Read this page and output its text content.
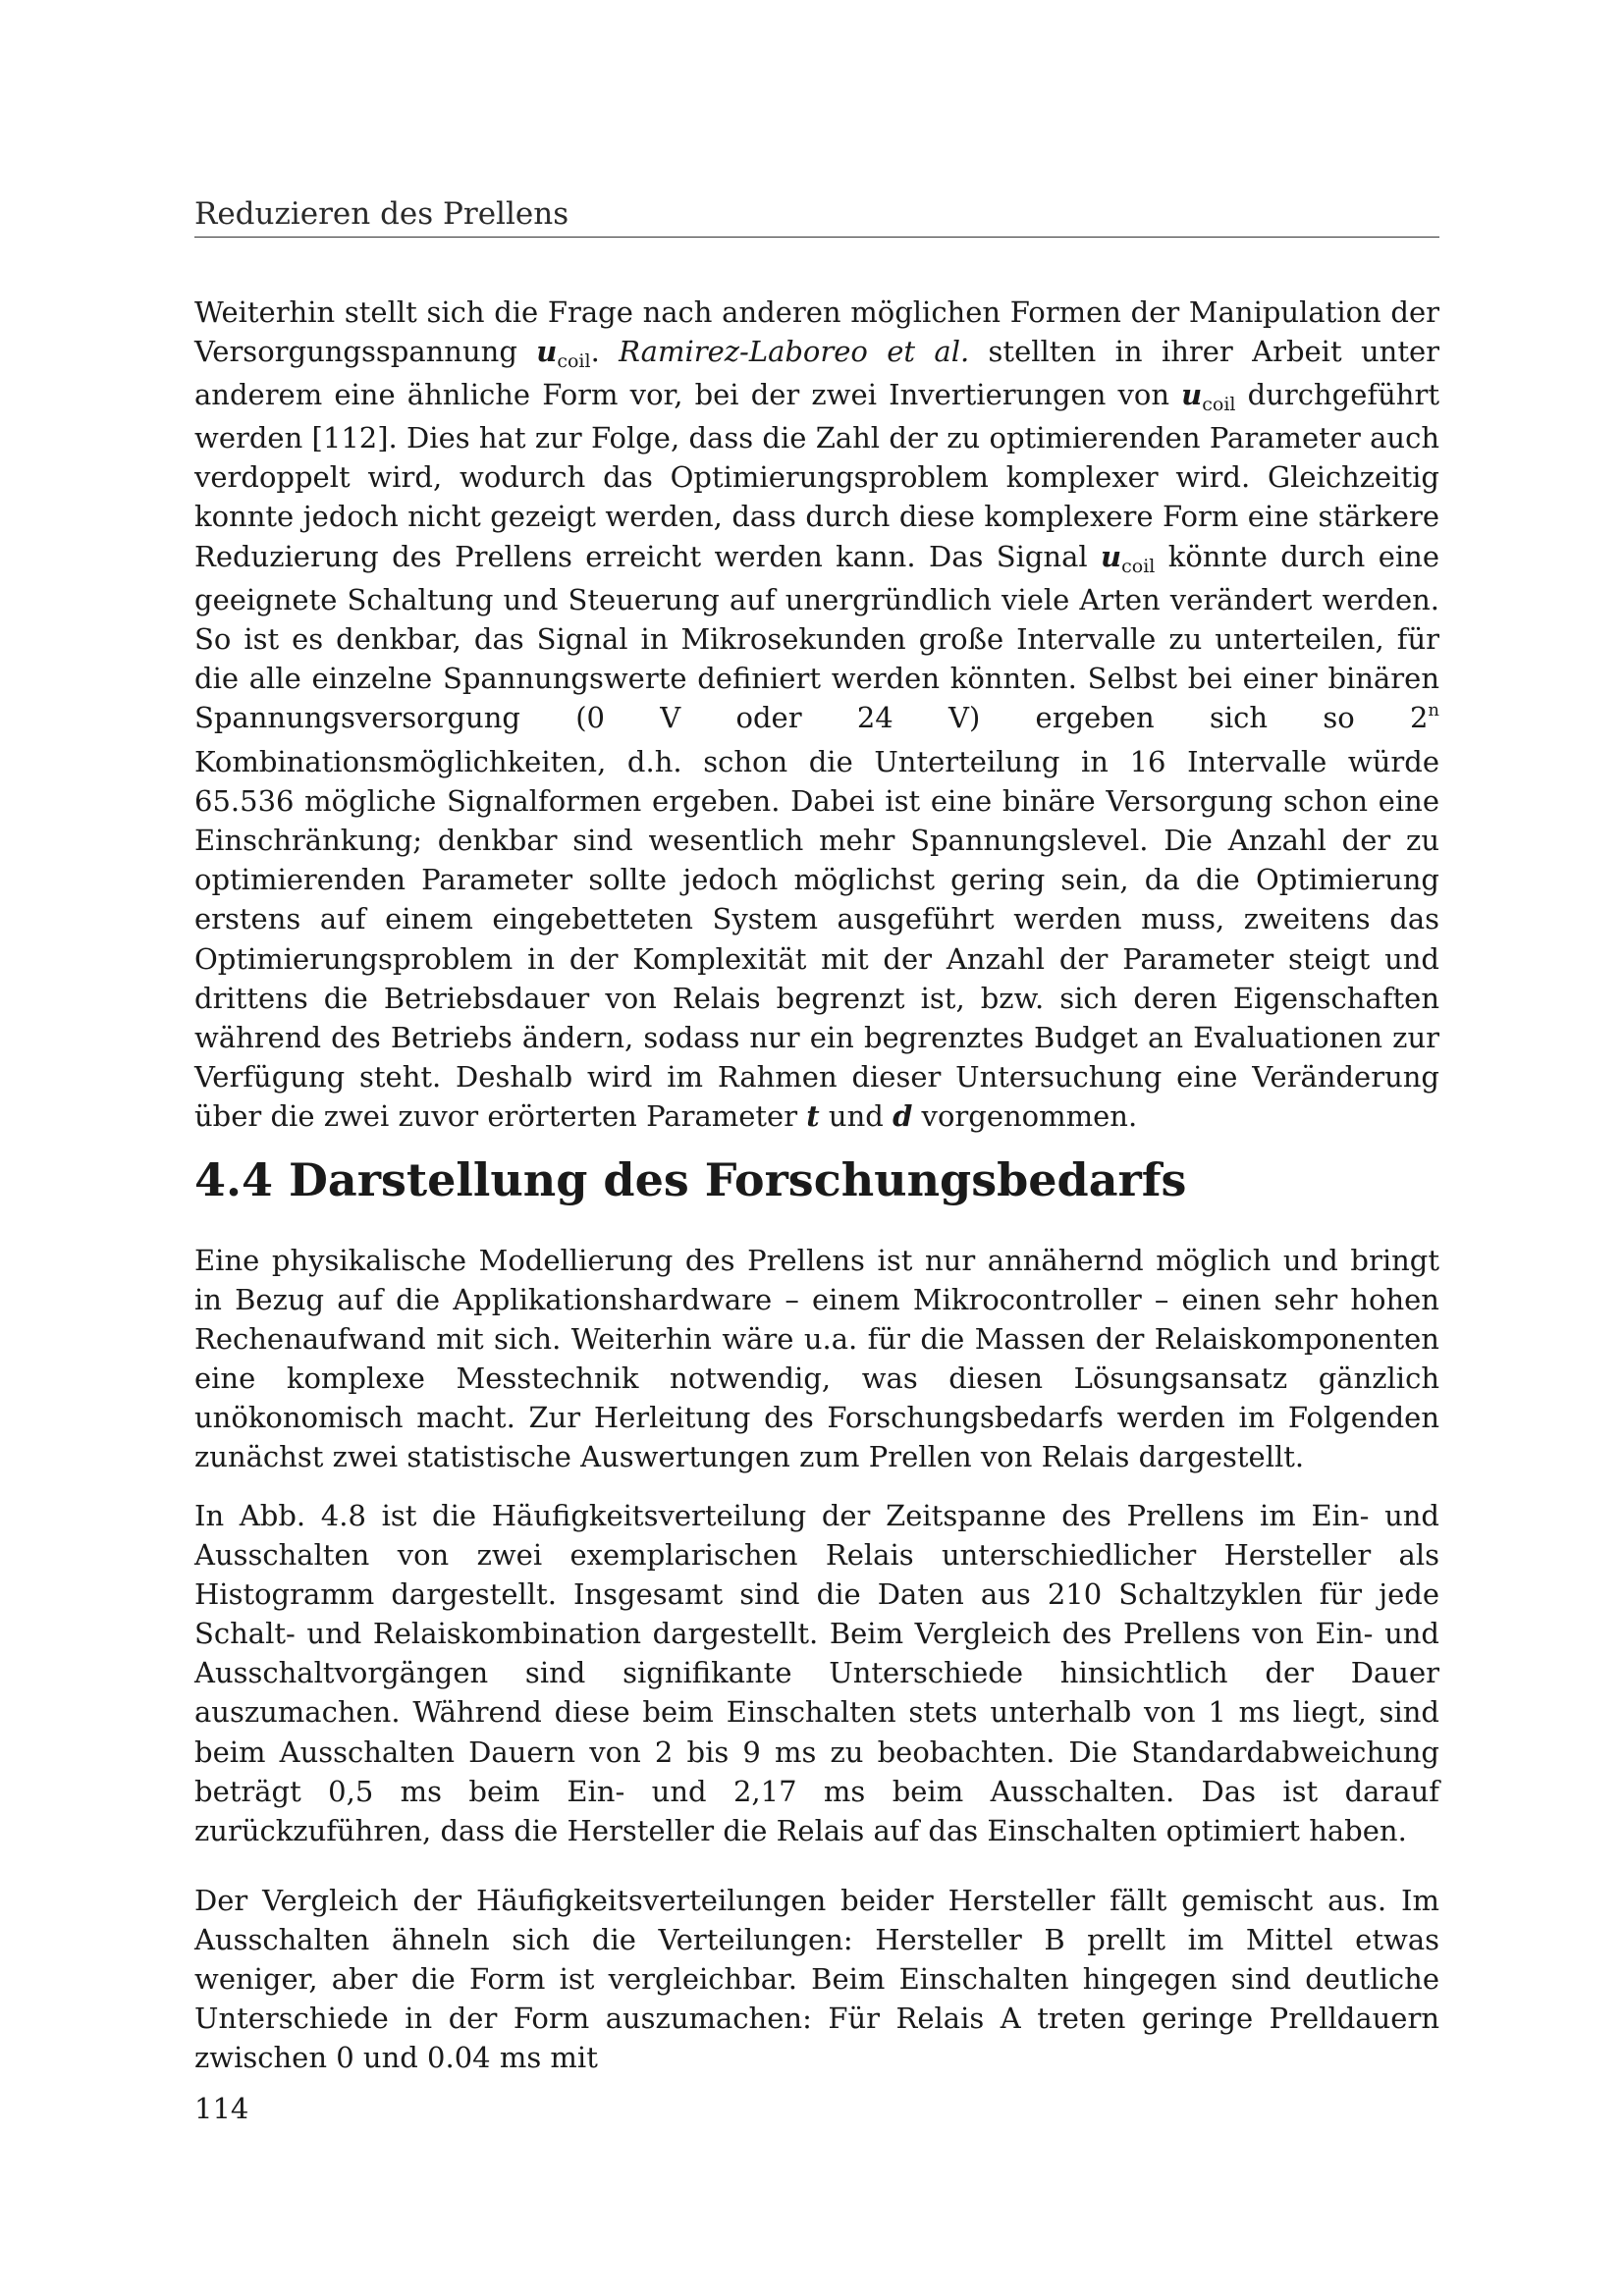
Reduzieren des Prellens

Weiterhin stellt sich die Frage nach anderen möglichen Formen der Manipulation der Versorgungsspannung $u_{coil}$. Ramirez-Laboreo et al. stellten in ihrer Arbeit unter anderem eine ähnliche Form vor, bei der zwei Invertierungen von $u_{coil}$ durchgeführt werden [112]. Dies hat zur Folge, dass die Zahl der zu optimierenden Parameter auch verdoppelt wird, wodurch das Optimierungsproblem komplexer wird. Gleichzeitig konnte jedoch nicht gezeigt werden, dass durch diese komplexere Form eine stärkere Reduzierung des Prellens erreicht werden kann. Das Signal $u_{coil}$ könnte durch eine geeignete Schaltung und Steuerung auf unergründlich viele Arten verändert werden. So ist es denkbar, das Signal in Mikrosekunden große Intervalle zu unterteilen, für die alle einzelne Spannungswerte definiert werden könnten. Selbst bei einer binären Spannungsversorgung (0 V oder 24 V) ergeben sich so 2$^n$ Kombinationsmöglichkeiten, d.h. schon die Unterteilung in 16 Intervalle würde 65.536 mögliche Signalformen ergeben. Dabei ist eine binäre Versorgung schon eine Einschränkung; denkbar sind wesentlich mehr Spannungslevel. Die Anzahl der zu optimierenden Parameter sollte jedoch möglichst gering sein, da die Optimierung erstens auf einem eingebetteten System ausgeführt werden muss, zweitens das Optimierungsproblem in der Komplexität mit der Anzahl der Parameter steigt und drittens die Betriebsdauer von Relais begrenzt ist, bzw. sich deren Eigenschaften während des Betriebs ändern, sodass nur ein begrenztes Budget an Evaluationen zur Verfügung steht. Deshalb wird im Rahmen dieser Untersuchung eine Veränderung über die zwei zuvor erörterten Parameter t und d vorgenommen.

4.4 Darstellung des Forschungsbedarfs

Eine physikalische Modellierung des Prellens ist nur annähernd möglich und bringt in Bezug auf die Applikationshardware – einem Mikrocontroller – einen sehr hohen Rechenaufwand mit sich. Weiterhin wäre u.a. für die Massen der Relaiskomponenten eine komplexe Messtechnik notwendig, was diesen Lösungsansatz gänzlich unökonomisch macht. Zur Herleitung des Forschungsbedarfs werden im Folgenden zunächst zwei statistische Auswertungen zum Prellen von Relais dargestellt.

In Abb. 4.8 ist die Häufigkeitsverteilung der Zeitspanne des Prellens im Ein- und Ausschalten von zwei exemplarischen Relais unterschiedlicher Hersteller als Histogramm dargestellt. Insgesamt sind die Daten aus 210 Schaltzyklen für jede Schalt- und Relaiskombination dargestellt. Beim Vergleich des Prellens von Ein- und Ausschaltvorgängen sind signifikante Unterschiede hinsichtlich der Dauer auszumachen. Während diese beim Einschalten stets unterhalb von 1 ms liegt, sind beim Ausschalten Dauern von 2 bis 9 ms zu beobachten. Die Standardabweichung beträgt 0,5 ms beim Ein- und 2,17 ms beim Ausschalten. Das ist darauf zurückzuführen, dass die Hersteller die Relais auf das Einschalten optimiert haben.

Der Vergleich der Häufigkeitsverteilungen beider Hersteller fällt gemischt aus. Im Ausschalten ähneln sich die Verteilungen: Hersteller B prellt im Mittel etwas weniger, aber die Form ist vergleichbar. Beim Einschalten hingegen sind deutliche Unterschiede in der Form auszumachen: Für Relais A treten geringe Prelldauern zwischen 0 und 0.04 ms mit

114
